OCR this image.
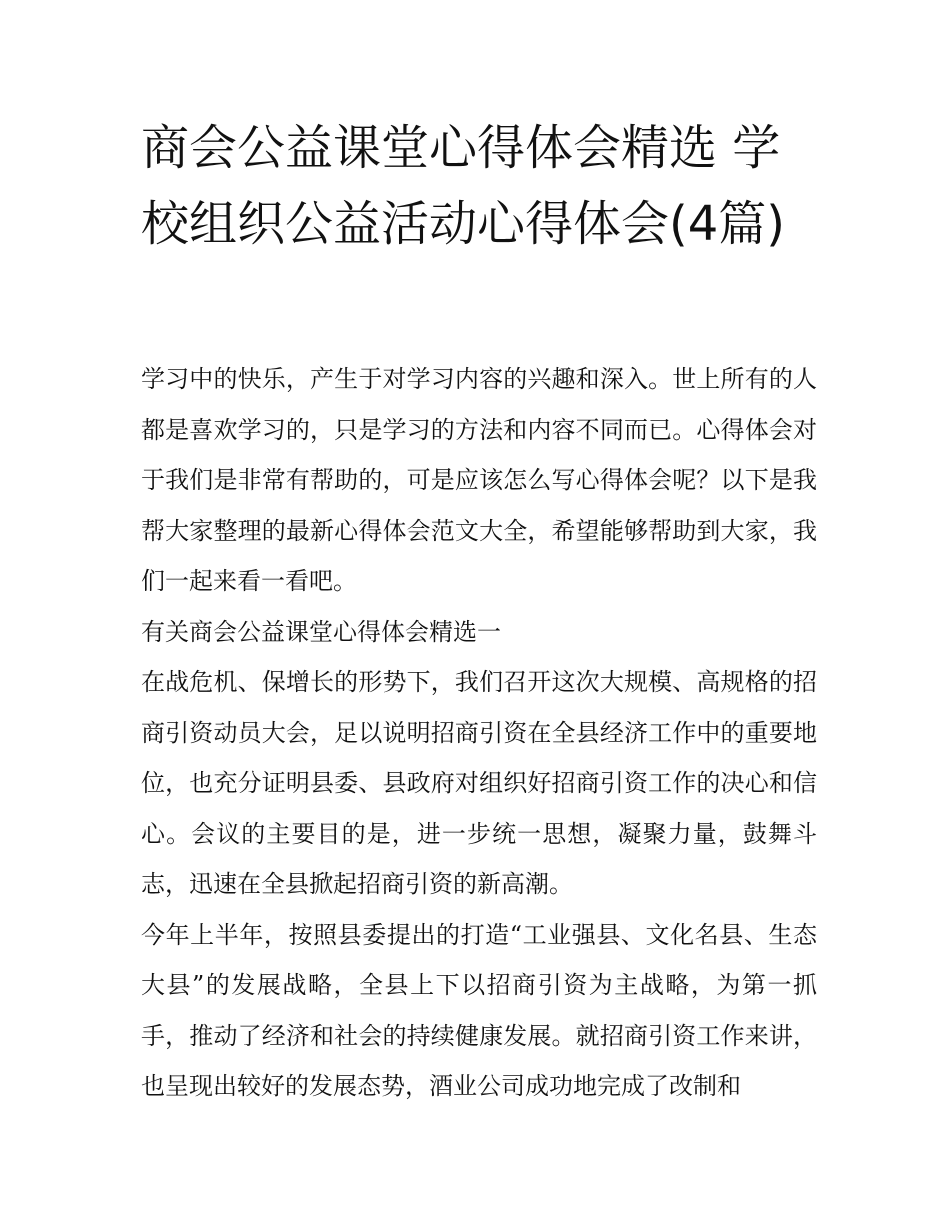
商会公益课堂心得体会精选 学校组织公益活动心得体会(4篇)

学习中的快乐，产生于对学习内容的兴趣和深入。世上所有的人都是喜欢学习的，只是学习的方法和内容不同而已。心得体会对于我们是非常有帮助的，可是应该怎么写心得体会呢？以下是我帮大家整理的最新心得体会范文大全，希望能够帮助到大家，我们一起来看一看吧。

有关商会公益课堂心得体会精选一

在战危机、保增长的形势下，我们召开这次大规模、高规格的招商引资动员大会，足以说明招商引资在全县经济工作中的重要地位，也充分证明县委、县政府对组织好招商引资工作的决心和信心。会议的主要目的是，进一步统一思想，凝聚力量，鼓舞斗志，迅速在全县掀起招商引资的新高潮。

今年上半年，按照县委提出的打造“工业强县、文化名县、生态大县”的发展战略，全县上下以招商引资为主战略，为第一抓手，推动了经济和社会的持续健康发展。就招商引资工作来讲，也呈现出较好的发展态势，酒业公司成功地完成了改制和
